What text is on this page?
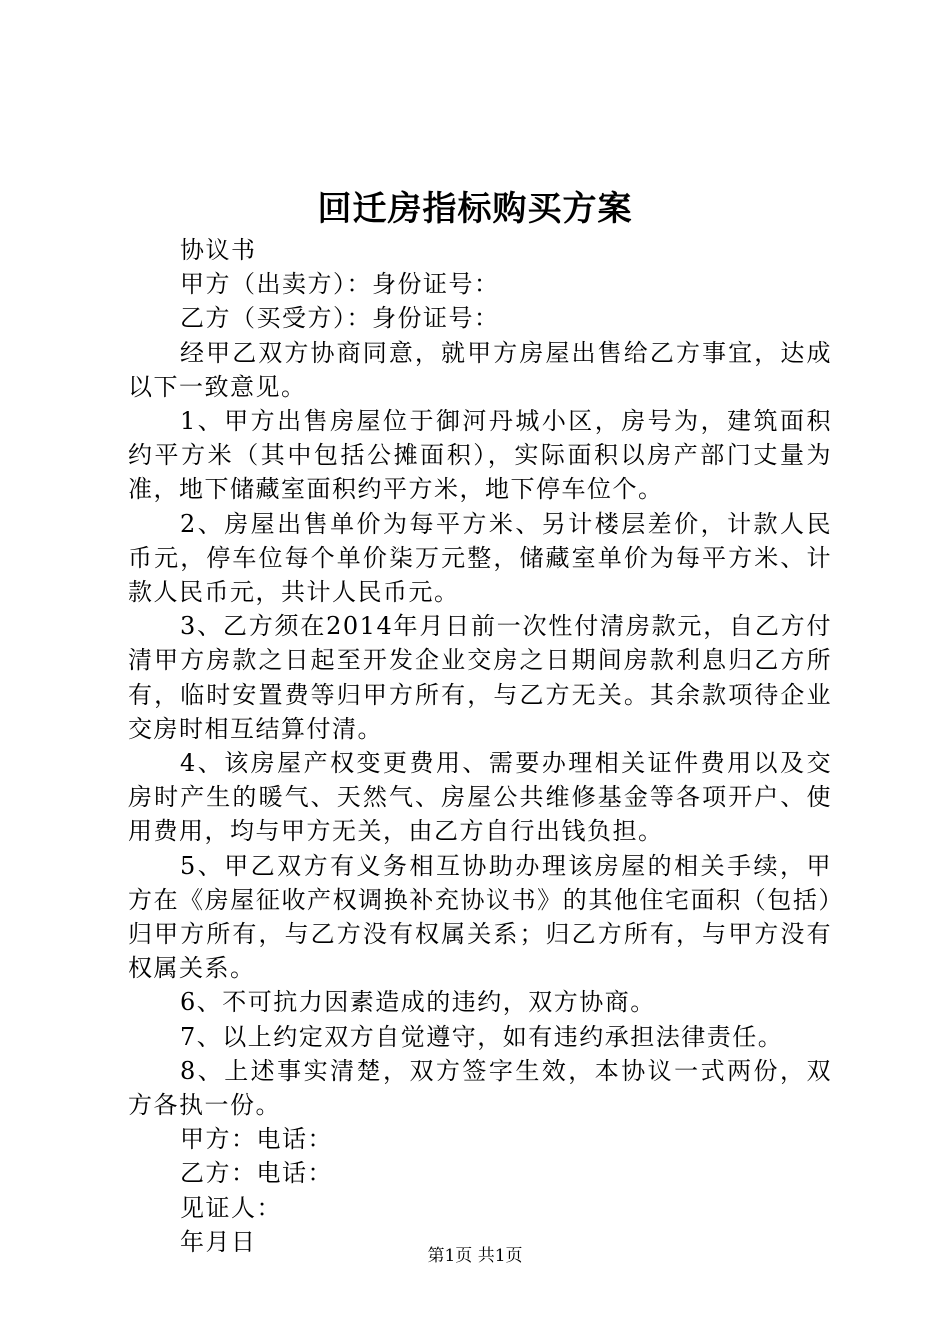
回迁房指标购买方案

协议书

甲方（出卖方）：身份证号：

乙方（买受方）：身份证号：

经甲乙双方协商同意，就甲方房屋出售给乙方事宜，达成以下一致意见。

1、甲方出售房屋位于御河丹城小区，房号为，建筑面积约平方米（其中包括公摊面积），实际面积以房产部门丈量为准，地下储藏室面积约平方米，地下停车位个。

2、房屋出售单价为每平方米、另计楼层差价，计款人民币元，停车位每个单价柒万元整，储藏室单价为每平方米、计款人民币元，共计人民币元。

3、乙方须在2014年月日前一次性付清房款元，自乙方付清甲方房款之日起至开发企业交房之日期间房款利息归乙方所有，临时安置费等归甲方所有，与乙方无关。其余款项待企业交房时相互结算付清。

4、该房屋产权变更费用、需要办理相关证件费用以及交房时产生的暖气、天然气、房屋公共维修基金等各项开户、使用费用，均与甲方无关，由乙方自行出钱负担。

5、甲乙双方有义务相互协助办理该房屋的相关手续，甲方在《房屋征收产权调换补充协议书》的其他住宅面积（包括）归甲方所有，与乙方没有权属关系；归乙方所有，与甲方没有权属关系。

6、不可抗力因素造成的违约，双方协商。

7、以上约定双方自觉遵守，如有违约承担法律责任。

8、上述事实清楚，双方签字生效，本协议一式两份，双方各执一份。

甲方：电话：

乙方：电话：

见证人：

年月日

第1页 共1页
